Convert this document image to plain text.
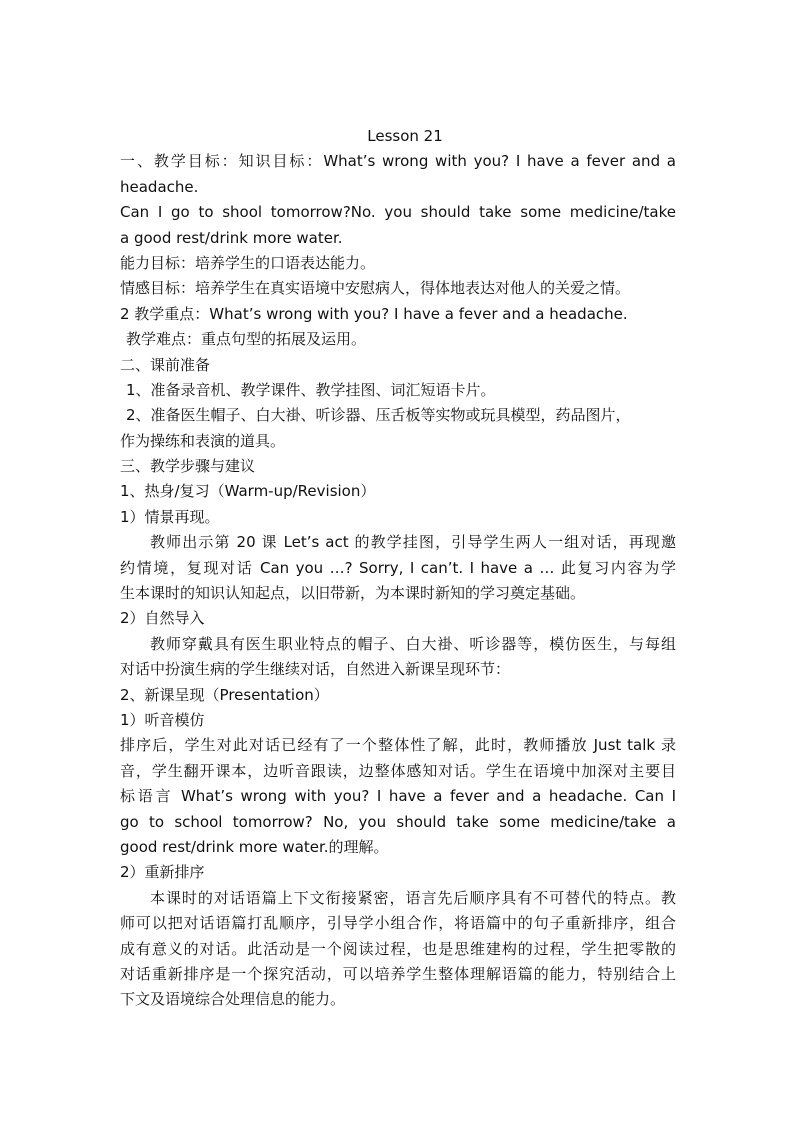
Lesson 21
一、教学目标：知识目标：What’s wrong with you? I have a fever and a
headache.
Can I go to shool tomorrow?No. you should take some medicine/take
a good rest/drink more water.
能力目标：培养学生的口语表达能力。
情感目标：培养学生在真实语境中安慰病人，得体地表达对他人的关爱之情。
2 教学重点：What’s wrong with you? I have a fever and a headache.
教学难点：重点句型的拓展及运用。
二、课前准备
1、准备录音机、教学课件、教学挂图、词汇短语卡片。
2、准备医生帽子、白大褂、听诊器、压舌板等实物或玩具模型，药品图片，
作为操练和表演的道具。
三、教学步骤与建议
1、热身/复习（Warm-up/Revision）
1）情景再现。
教师出示第 20 课 Let’s act 的教学挂图，引导学生两人一组对话，再现邀
约情境，复现对话 Can you …? Sorry, I can’t. I have a … 此复习内容为学
生本课时的知识认知起点，以旧带新，为本课时新知的学习奠定基础。
2）自然导入
教师穿戴具有医生职业特点的帽子、白大褂、听诊器等，模仿医生，与每组
对话中扮演生病的学生继续对话，自然进入新课呈现环节：
2、新课呈现（Presentation）
1）听音模仿
排序后，学生对此对话已经有了一个整体性了解，此时，教师播放 Just talk 录
音，学生翻开课本，边听音跟读，边整体感知对话。学生在语境中加深对主要目
标语言 What’s wrong with you? I have a fever and a headache. Can I
go to school tomorrow? No, you should take some medicine/take a
good rest/drink more water.的理解。
2）重新排序
本课时的对话语篇上下文衔接紧密，语言先后顺序具有不可替代的特点。教
师可以把对话语篇打乱顺序，引导学小组合作，将语篇中的句子重新排序，组合
成有意义的对话。此活动是一个阅读过程，也是思维建构的过程，学生把零散的
对话重新排序是一个探究活动，可以培养学生整体理解语篇的能力，特别结合上
下文及语境综合处理信息的能力。
